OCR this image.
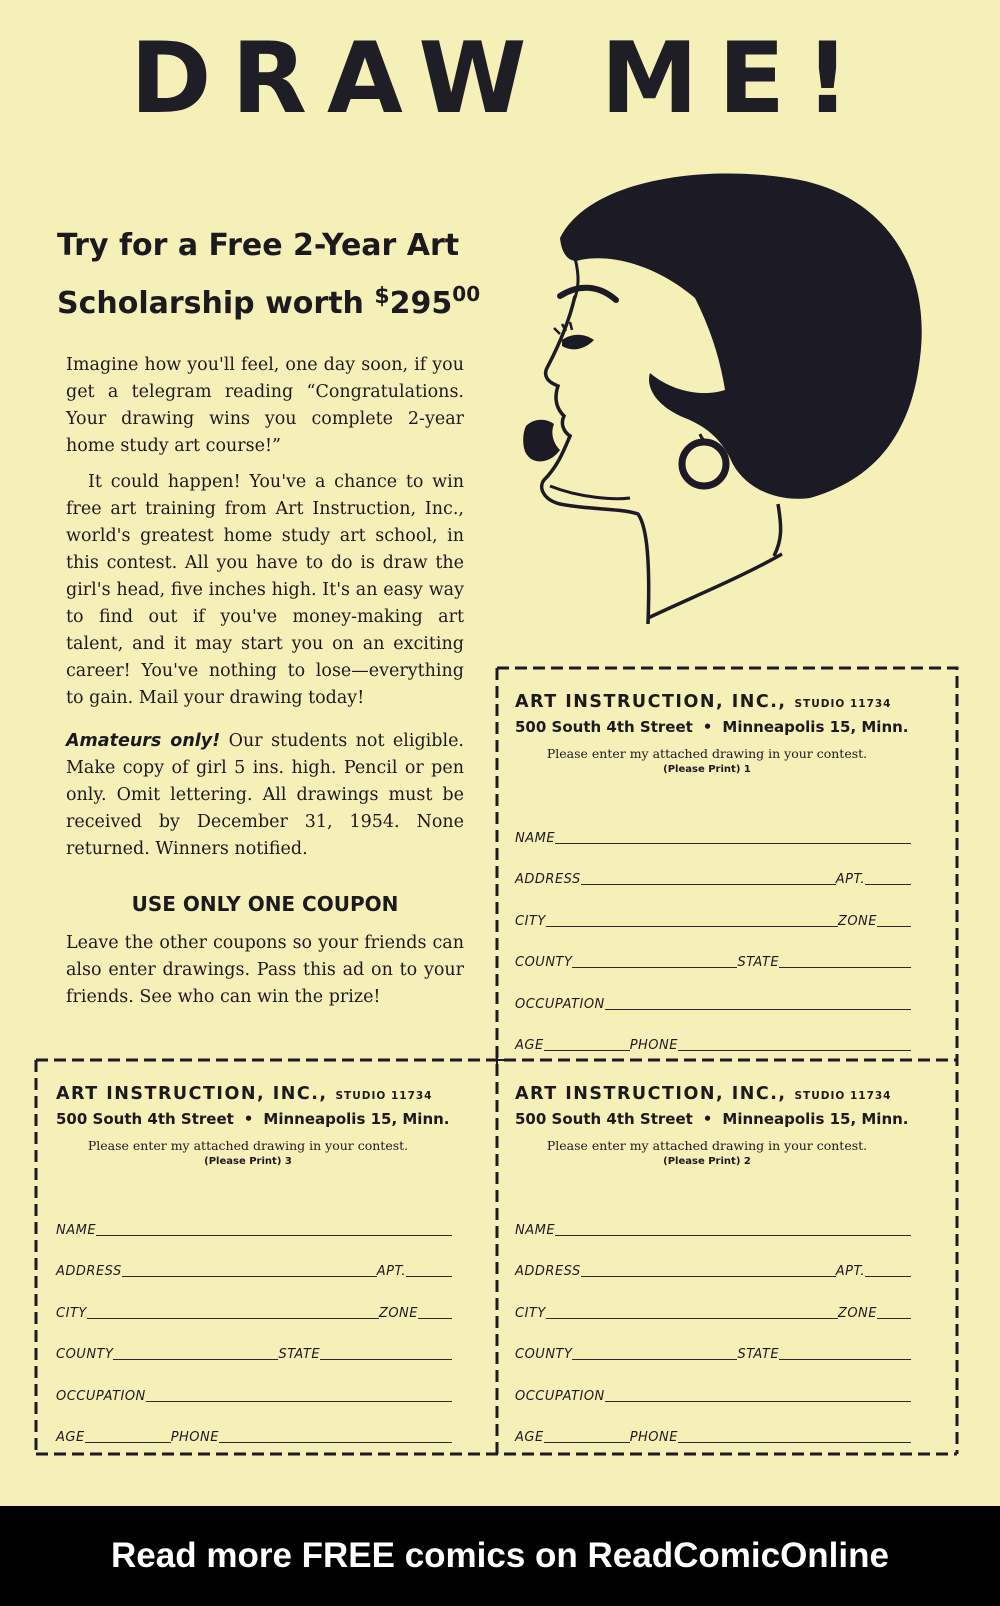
DRAW ME!
Try for a Free 2-Year Art
Scholarship worth $^{\$}295^{00}$

Imagine how you'll feel, one day soon, if you get a telegram reading “Congratulations. Your drawing wins you complete 2-year home study art course!”

It could happen! You've a chance to win free art training from Art Instruction, Inc., world's greatest home study art school, in this contest. All you have to do is draw the girl's head, five inches high. It's an easy way to find out if you've money-making art talent, and it may start you on an exciting career! You've nothing to lose—everything to gain. Mail your drawing today!

Amateurs only! Our students not eligible. Make copy of girl 5 ins. high. Pencil or pen only. Omit lettering. All drawings must be received by December 31, 1954. None returned. Winners notified.

USE ONLY ONE COUPON

Leave the other coupons so your friends can also enter drawings. Pass this ad on to your friends. See who can win the prize!

ART INSTRUCTION, INC., STUDIO 11734
500 South 4th Street • Minneapolis 15, Minn.
Please enter my attached drawing in your contest.
(Please Print) 1
NAME
ADDRESS	APT.
CITY	ZONE
COUNTY	STATE
OCCUPATION
AGE	PHONE
ART INSTRUCTION, INC., STUDIO 11734
500 South 4th Street • Minneapolis 15, Minn.
Please enter my attached drawing in your contest.
(Please Print) 2
NAME
ADDRESS	APT.
CITY	ZONE
COUNTY	STATE
OCCUPATION
AGE	PHONE
ART INSTRUCTION, INC., STUDIO 11734
500 South 4th Street • Minneapolis 15, Minn.
Please enter my attached drawing in your contest.
(Please Print) 3
NAME
ADDRESS	APT.
CITY	ZONE
COUNTY	STATE
OCCUPATION
AGE	PHONE
Read more FREE comics on ReadComicOnline
